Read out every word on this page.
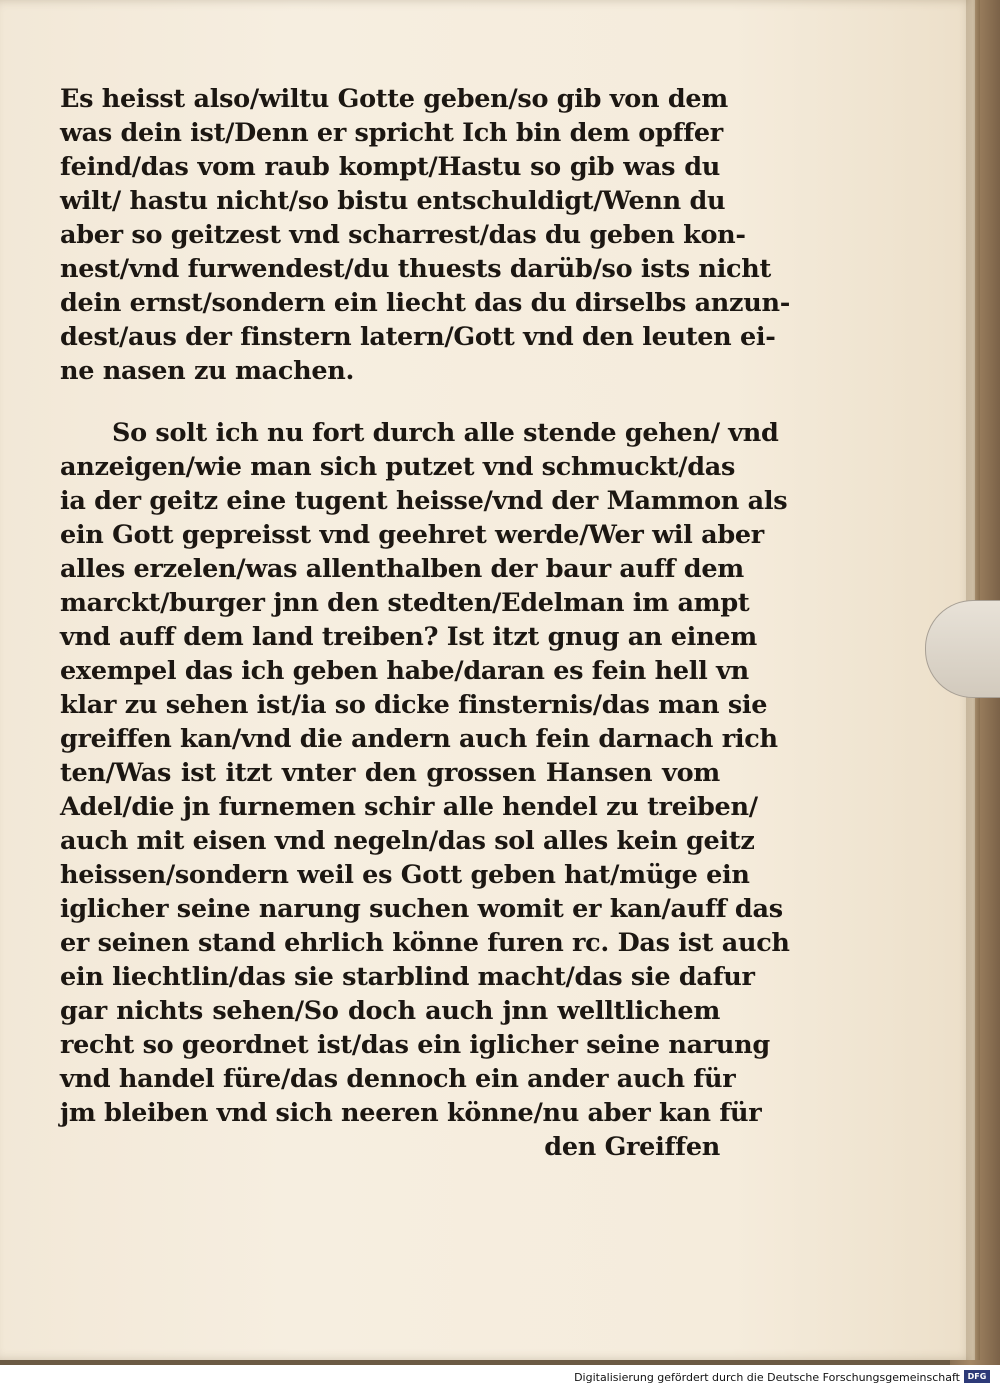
Es heisst also/wiltu Gotte geben/so gib von dem
was dein ist/Denn er spricht Ich bin dem opffer
feind/das vom raub kompt/Hastu so gib was du
wilt/ hastu nicht/so bistu entschuldigt/Wenn du
aber so geitzest vnd scharrest/das du geben kon-
nest/vnd furwendest/du thuests darüb/so ists nicht
dein ernst/sondern ein liecht das du dirselbs anzun-
dest/aus der finstern latern/Gott vnd den leuten ei-
ne nasen zu machen.
So solt ich nu fort durch alle stende gehen/ vnd
anzeigen/wie man sich putzet vnd schmuckt/das
ia der geitz eine tugent heisse/vnd der Mammon als
ein Gott gepreisst vnd geehret werde/Wer wil aber
alles erzelen/was allenthalben der baur auff dem
marckt/burger jnn den stedten/Edelman im ampt
vnd auff dem land treiben? Ist itzt gnug an einem
exempel das ich geben habe/daran es fein hell vn
klar zu sehen ist/ia so dicke finsternis/das man sie
greiffen kan/vnd die andern auch fein darnach rich
ten/Was ist itzt vnter den grossen Hansen vom
Adel/die jn furnemen schir alle hendel zu treiben/
auch mit eisen vnd negeln/das sol alles kein geitz
heissen/sondern weil es Gott geben hat/müge ein
iglicher seine narung suchen womit er kan/auff das
er seinen stand ehrlich könne furen rc. Das ist auch
ein liechtlin/das sie starblind macht/das sie dafur
gar nichts sehen/So doch auch jnn welltlichem
recht so geordnet ist/das ein iglicher seine narung
vnd handel füre/das dennoch ein ander auch für
jm bleiben vnd sich neeren könne/nu aber kan für
den Greiffen
Digitalisierung gefördert durch die Deutsche Forschungsgemeinschaft DFG
